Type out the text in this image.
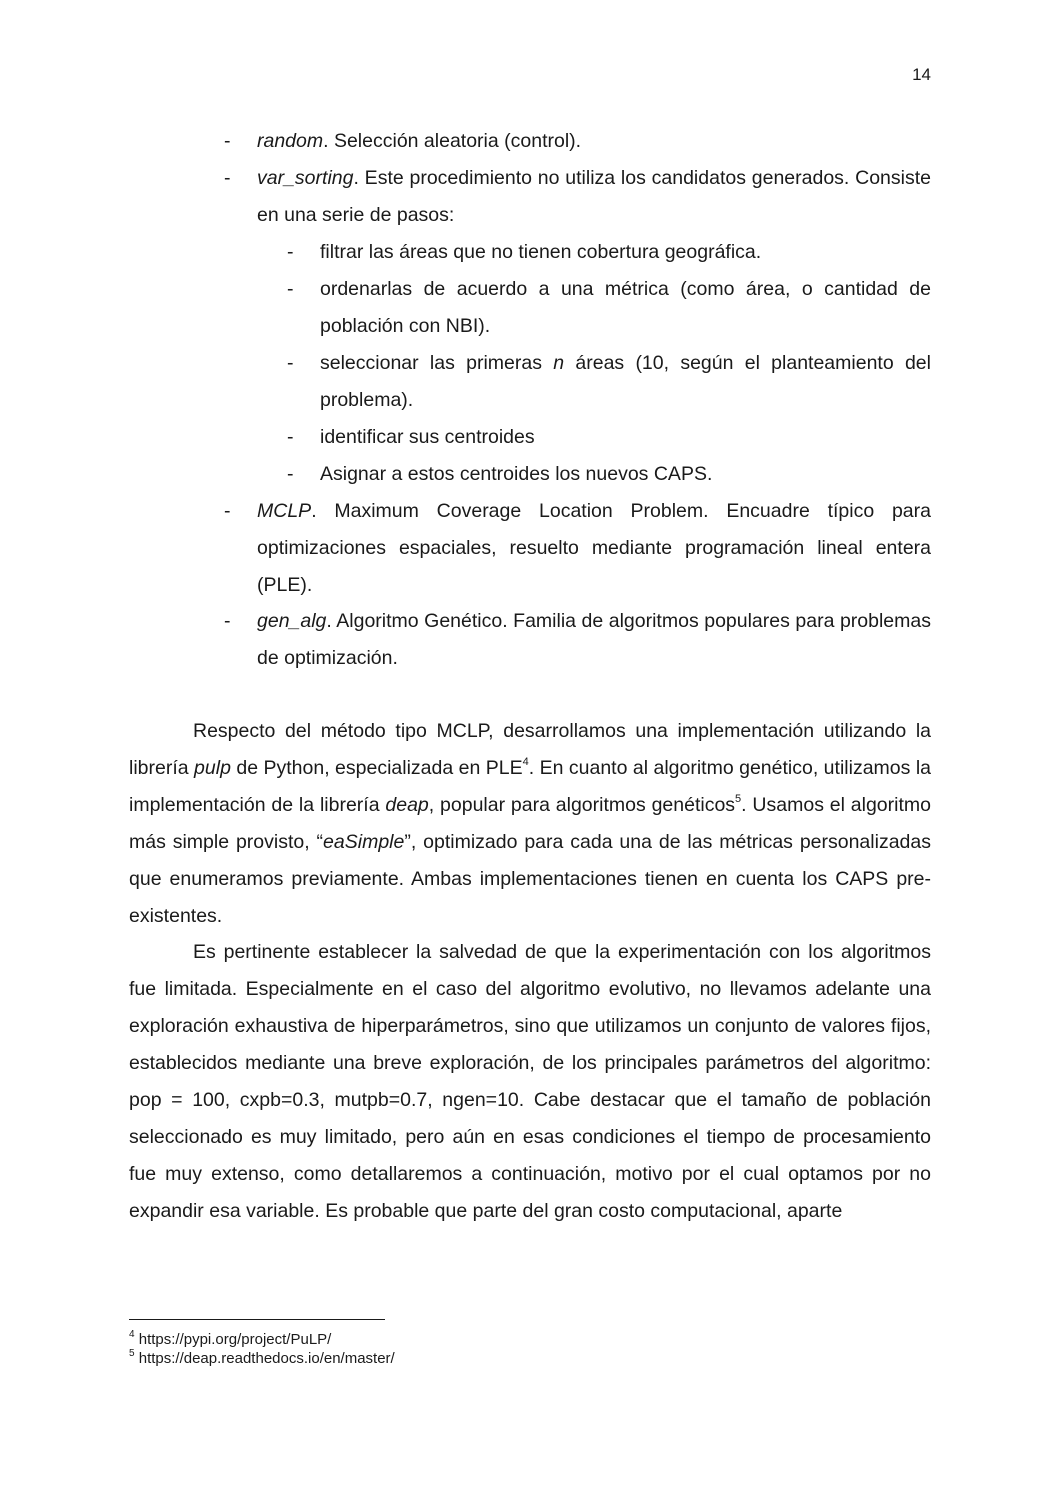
14
- random. Selección aleatoria (control).
- var_sorting. Este procedimiento no utiliza los candidatos generados. Consiste en una serie de pasos:
- filtrar las áreas que no tienen cobertura geográfica.
- ordenarlas de acuerdo a una métrica (como área, o cantidad de población con NBI).
- seleccionar las primeras n áreas (10, según el planteamiento del problema).
- identificar sus centroides
- Asignar a estos centroides los nuevos CAPS.
- MCLP. Maximum Coverage Location Problem. Encuadre típico para optimizaciones espaciales, resuelto mediante programación lineal entera (PLE).
- gen_alg. Algoritmo Genético. Familia de algoritmos populares para problemas de optimización.
Respecto del método tipo MCLP, desarrollamos una implementación utilizando la librería pulp de Python, especializada en PLE$^4$. En cuanto al algoritmo genético, utilizamos la implementación de la librería deap, popular para algoritmos genéticos$^5$. Usamos el algoritmo más simple provisto, “eaSimple”, optimizado para cada una de las métricas personalizadas que enumeramos previamente. Ambas implementaciones tienen en cuenta los CAPS pre-existentes.
Es pertinente establecer la salvedad de que la experimentación con los algoritmos fue limitada. Especialmente en el caso del algoritmo evolutivo, no llevamos adelante una exploración exhaustiva de hiperparámetros, sino que utilizamos un conjunto de valores fijos, establecidos mediante una breve exploración, de los principales parámetros del algoritmo: pop = 100, cxpb=0.3, mutpb=0.7, ngen=10. Cabe destacar que el tamaño de población seleccionado es muy limitado, pero aún en esas condiciones el tiempo de procesamiento fue muy extenso, como detallaremos a continuación, motivo por el cual optamos por no expandir esa variable. Es probable que parte del gran costo computacional, aparte
$^4$ https://pypi.org/project/PuLP/
$^5$ https://deap.readthedocs.io/en/master/
